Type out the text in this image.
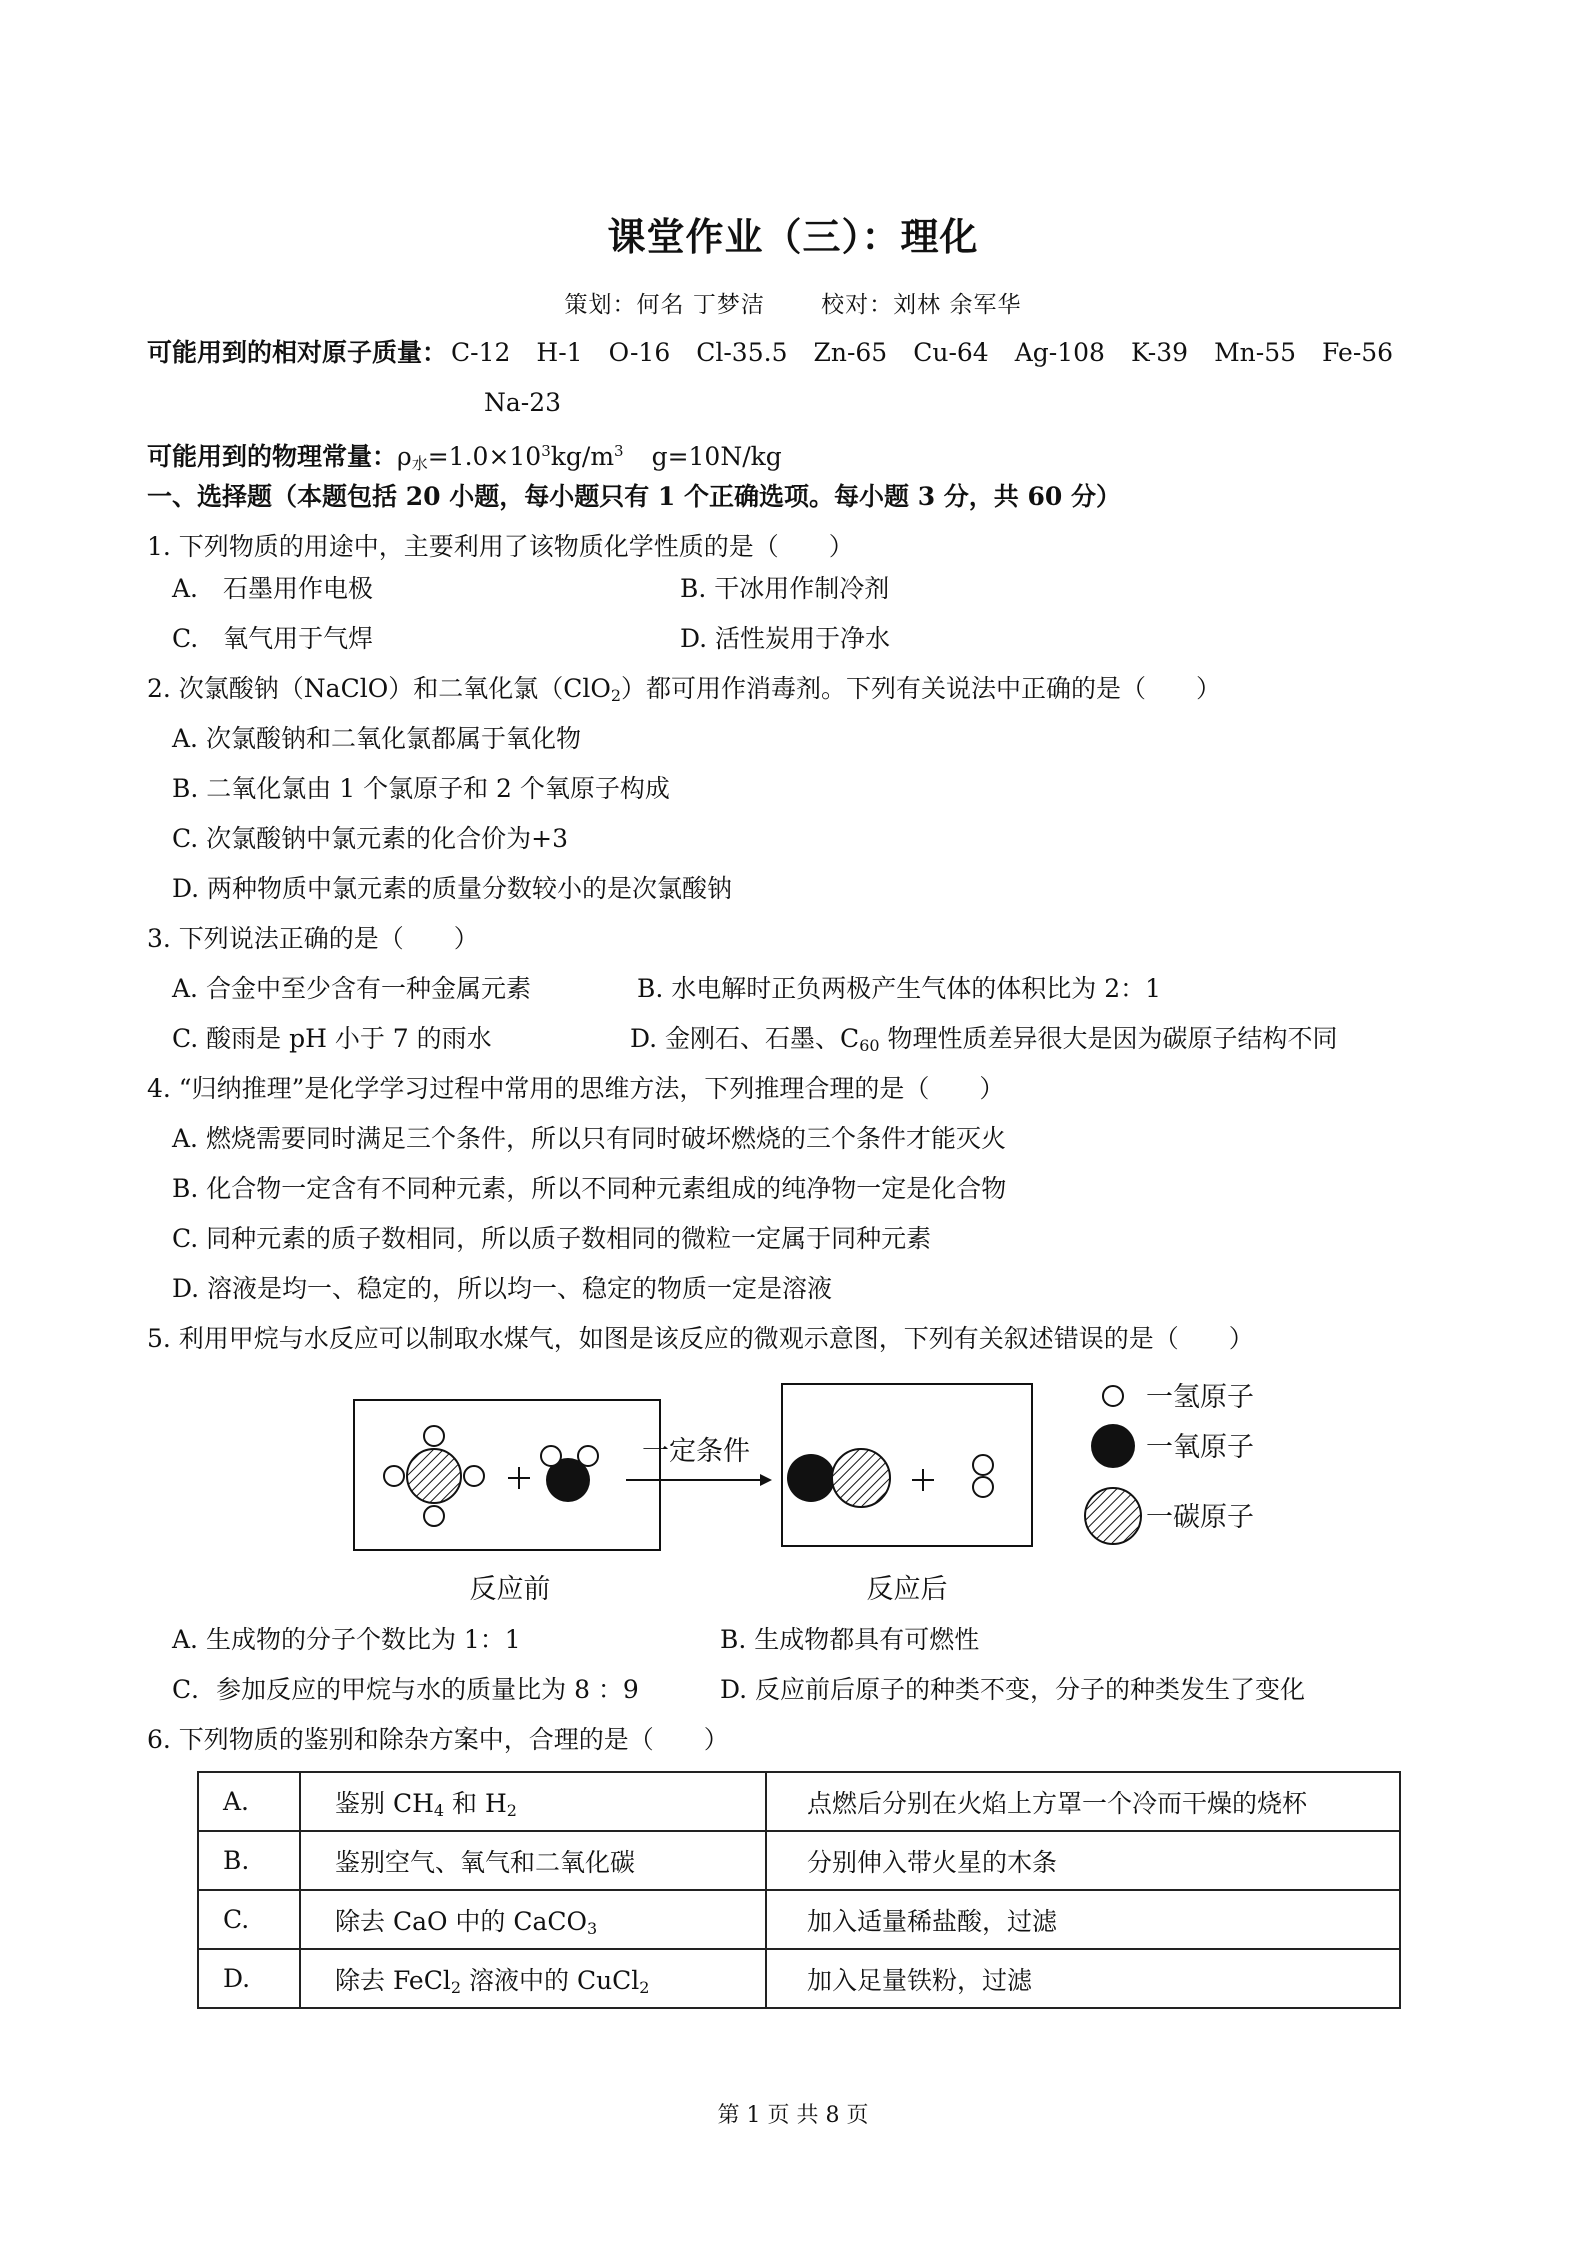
课堂作业（三）：理化
策划：何名 丁梦洁　　 校对：刘林 余军华
可能用到的相对原子质量： C-12 H-1 O-16 Cl-35.5 Zn-65 Cu-64 Ag-108 K-39 Mn-55 Fe-56
Na-23
可能用到的物理常量：$\rho_水=1.0\times 10^3kg/m^3$ g=10N/kg
一、选择题（本题包括 20 小题，每小题只有 1 个正确选项。每小题 3 分，共 60 分）
1. 下列物质的用途中，主要利用了该物质化学性质的是（　　）
A.　石墨用作电极	B. 干冰用作制冷剂
C.　氧气用于气焊	D. 活性炭用于净水
2. 次氯酸钠（NaClO）和二氧化氯（ClO$_2$）都可用作消毒剂。下列有关说法中正确的是（　　）
A. 次氯酸钠和二氧化氯都属于氧化物
B. 二氧化氯由 1 个氯原子和 2 个氧原子构成
C. 次氯酸钠中氯元素的化合价为+3
D. 两种物质中氯元素的质量分数较小的是次氯酸钠
3. 下列说法正确的是（　　）
A. 合金中至少含有一种金属元素	B. 水电解时正负两极产生气体的体积比为 2：1
C. 酸雨是 pH 小于 7 的雨水	D. 金刚石、石墨、$C_{60}$ 物理性质差异很大是因为碳原子结构不同
4. “归纳推理”是化学学习过程中常用的思维方法，下列推理合理的是（　　）
A. 燃烧需要同时满足三个条件，所以只有同时破坏燃烧的三个条件才能灭火
B. 化合物一定含有不同种元素，所以不同种元素组成的纯净物一定是化合物
C. 同种元素的质子数相同，所以质子数相同的微粒一定属于同种元素
D. 溶液是均一、稳定的，所以均一、稳定的物质一定是溶液
5. 利用甲烷与水反应可以制取水煤气，如图是该反应的微观示意图，下列有关叙述错误的是（　　）
一定条件
反应前	反应后
一氢原子
一氧原子
一碳原子
A. 生成物的分子个数比为 1：1	B. 生成物都具有可燃性
C．参加反应的甲烷与水的质量比为 8 ：9	D. 反应前后原子的种类不变，分子的种类发生了变化
6. 下列物质的鉴别和除杂方案中，合理的是（　　）
A.	鉴别 $CH_4$ 和 $H_2$	点燃后分别在火焰上方罩一个冷而干燥的烧杯
B.	鉴别空气、氧气和二氧化碳	分别伸入带火星的木条
C.	除去 CaO 中的 CaCO$_3$	加入适量稀盐酸，过滤
D.	除去 FeCl$_2$ 溶液中的 CuCl$_2$	加入足量铁粉，过滤
第 1 页 共 8 页
